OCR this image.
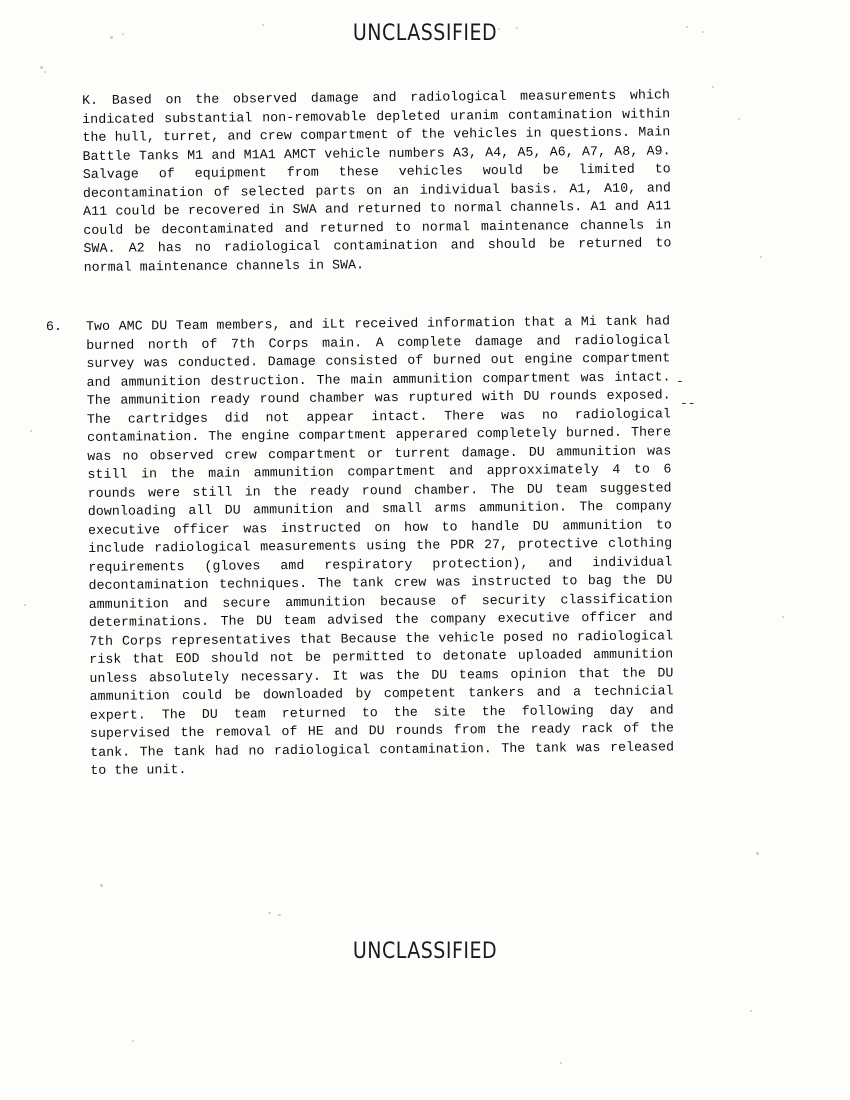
UNCLASSIFIED
K. Based on the observed damage and radiological measurements which indicated substantial non-removable depleted uranim contamination within the hull, turret, and crew compartment of the vehicles in questions. Main Battle Tanks M1 and M1A1 AMCT vehicle numbers A3, A4, A5, A6, A7, A8, A9. Salvage of equipment from these vehicles would be limited to decontamination of selected parts on an individual basis. A1, A10, and A11 could be recovered in SWA and returned to normal channels. A1 and A11 could be decontaminated and returned to normal maintenance channels in SWA. A2 has no radiological contamination and should be returned to normal maintenance channels in SWA.
6. Two AMC DU Team members, and iLt received information that a Mi tank had burned north of 7th Corps main. A complete damage and radiological survey was conducted. Damage consisted of burned out engine compartment and ammunition destruction. The main ammunition compartment was intact. The ammunition ready round chamber was ruptured with DU rounds exposed. The cartridges did not appear intact. There was no radiological contamination. The engine compartment apperared completely burned. There was no observed crew compartment or turrent damage. DU ammunition was still in the main ammunition compartment and approxximately 4 to 6 rounds were still in the ready round chamber. The DU team suggested downloading all DU ammunition and small arms ammunition. The company executive officer was instructed on how to handle DU ammunition to include radiological measurements using the PDR 27, protective clothing requirements (gloves amd respiratory protection), and individual decontamination techniques. The tank crew was instructed to bag the DU ammunition and secure ammunition because of security classification determinations. The DU team advised the company executive officer and 7th Corps representatives that Because the vehicle posed no radiological risk that EOD should not be permitted to detonate uploaded ammunition unless absolutely necessary. It was the DU teams opinion that the DU ammunition could be downloaded by competent tankers and a technicial expert. The DU team returned to the site the following day and supervised the removal of HE and DU rounds from the ready rack of the tank. The tank had no radiological contamination. The tank was released to the unit.
-
--
UNCLASSIFIED
